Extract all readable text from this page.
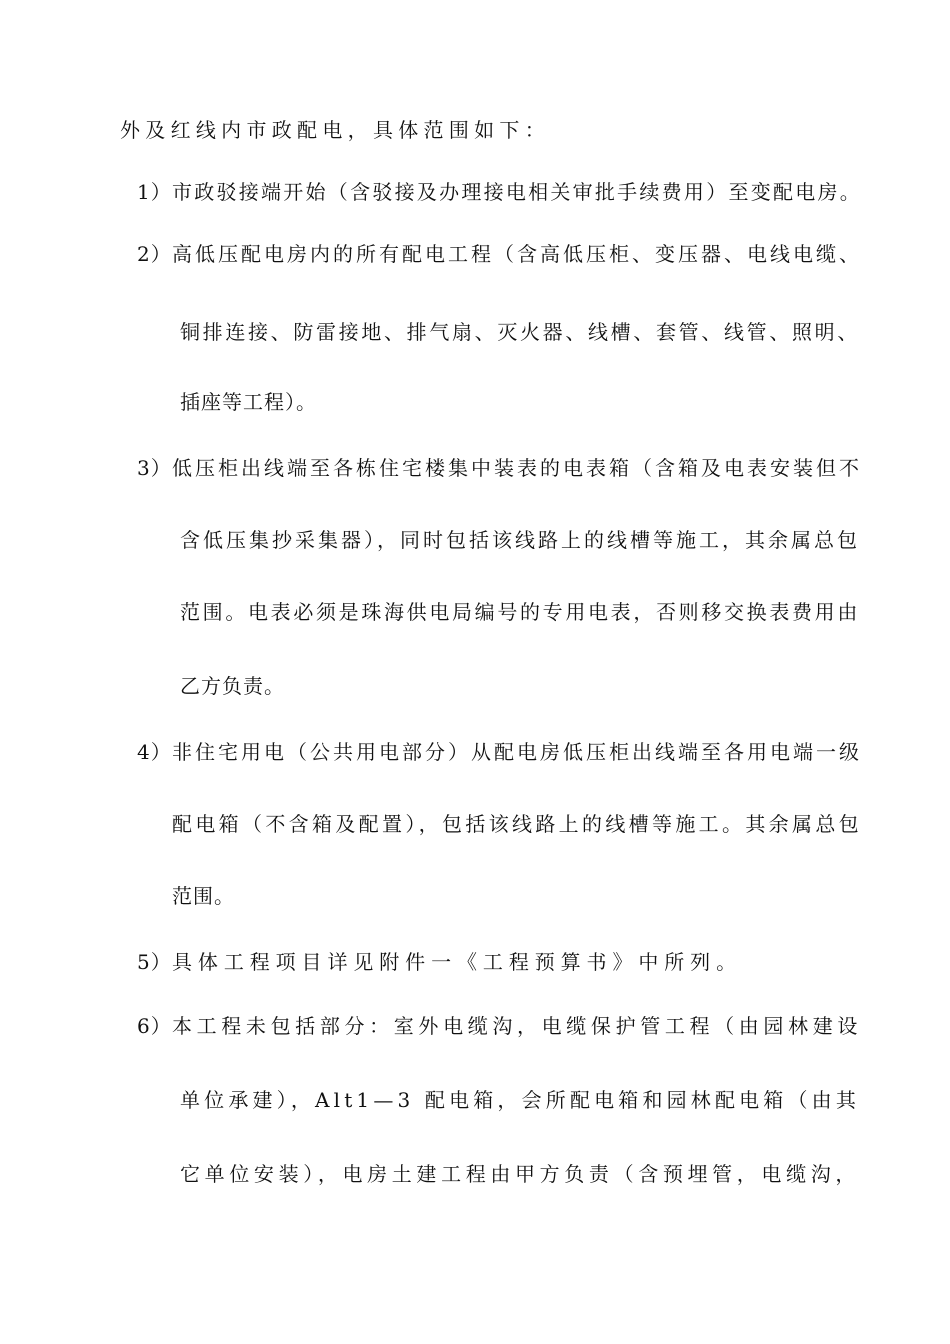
外及红线内市政配电，具体范围如下：
1） 市政驳接端开始（含驳接及办理接电相关审批手续费用）至变配电房。
2） 高低压配电房内的所有配电工程（含高低压柜、变压器、电线电缆、
铜排连接、防雷接地、排气扇、灭火器、线槽、套管、线管、照明、
插座等工程）。
3） 低压柜出线端至各栋住宅楼集中装表的电表箱（含箱及电表安装但不
含低压集抄采集器），同时包括该线路上的线槽等施工，其余属总包
范围。电表必须是珠海供电局编号的专用电表，否则移交换表费用由
乙方负责。
4） 非住宅用电（公共用电部分）从配电房低压柜出线端至各用电端一级
配电箱（不含箱及配置），包括该线路上的线槽等施工。其余属总包
范围。
5） 具体工程项目详见附件一《工程预算书》中所列。
6） 本工程未包括部分：室外电缆沟，电缆保护管工程（由园林建设
单位承建），Alt1—3 配电箱，会所配电箱和园林配电箱（由其
它单位安装），电房土建工程由甲方负责（含预埋管，电缆沟，
